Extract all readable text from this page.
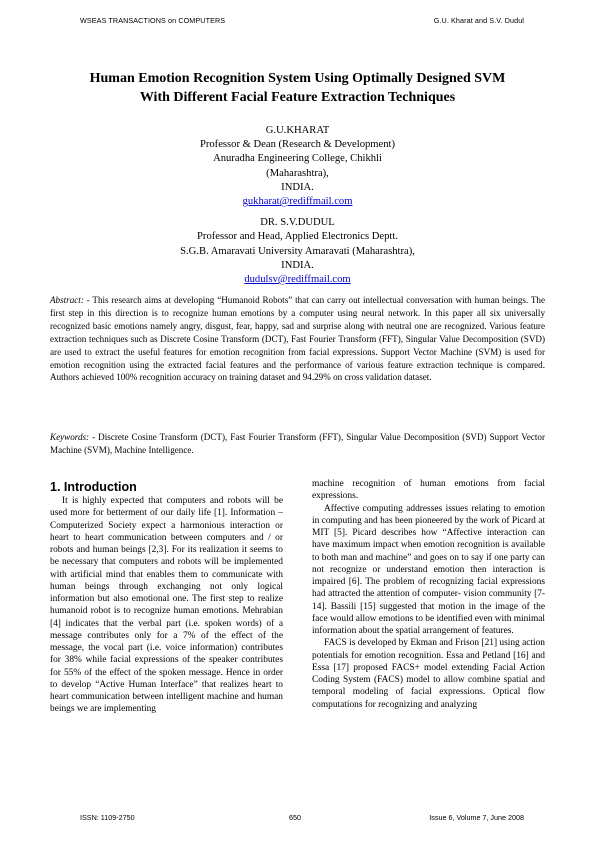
WSEAS TRANSACTIONS on COMPUTERS	G.U. Kharat and S.V. Dudul
Human Emotion Recognition System Using Optimally Designed SVM
With Different Facial Feature Extraction Techniques
G.U.KHARAT
Professor & Dean (Research & Development)
Anuradha Engineering College, Chikhli
(Maharashtra),
INDIA.
gukharat@rediffmail.com
DR. S.V.DUDUL
Professor and Head, Applied Electronics Deptt.
S.G.B. Amaravati University Amaravati (Maharashtra),
INDIA.
dudulsv@rediffmail.com
Abstract: - This research aims at developing “Humanoid Robots” that can carry out intellectual conversation with human beings. The first step in this direction is to recognize human emotions by a computer using neural network. In this paper all six universally recognized basic emotions namely angry, disgust, fear, happy, sad and surprise along with neutral one are recognized. Various feature extraction techniques such as Discrete Cosine Transform (DCT), Fast Fourier Transform (FFT), Singular Value Decomposition (SVD) are used to extract the useful features for emotion recognition from facial expressions. Support Vector Machine (SVM) is used for emotion recognition using the extracted facial features and the performance of various feature extraction technique is compared. Authors achieved 100% recognition accuracy on training dataset and 94.29% on cross validation dataset.
Keywords: - Discrete Cosine Transform (DCT), Fast Fourier Transform (FFT), Singular Value Decomposition (SVD) Support Vector Machine (SVM), Machine Intelligence.
1. Introduction

It is highly expected that computers and robots will be used more for betterment of our daily life [1]. Information – Computerized Society expect a harmonious interaction or heart to heart communication between computers and / or robots and human beings [2,3]. For its realization it seems to be necessary that computers and robots will be implemented with artificial mind that enables them to communicate with human beings through exchanging not only logical information but also emotional one. The first step to realize humanoid robot is to recognize human emotions. Mehrabian [4] indicates that the verbal part (i.e. spoken words) of a message contributes only for a 7% of the effect of the message, the vocal part (i.e. voice information) contributes for 38% while facial expressions of the speaker contributes for 55% of the effect of the spoken message. Hence in order to develop “Active Human Interface” that realizes heart to heart communication between intelligent machine and human beings we are implementing

machine recognition of human emotions from facial expressions.

Affective computing addresses issues relating to emotion in computing and has been pioneered by the work of Picard at MIT [5]. Picard describes how “Affective interaction can have maximum impact when emotion recognition is available to both man and machine” and goes on to say if one party can not recognize or understand emotion then interaction is impaired [6]. The problem of recognizing facial expressions had attracted the attention of computer- vision community [7-14]. Bassili [15] suggested that motion in the image of the face would allow emotions to be identified even with minimal information about the spatial arrangement of features.

FACS is developed by Ekman and Frison [21] using action potentials for emotion recognition. Essa and Petland [16] and Essa [17] proposed FACS+ model extending Facial Action Coding System (FACS) model to allow combine spatial and temporal modeling of facial expressions. Optical flow computations for recognizing and analyzing

ISSN: 1109-2750	650	Issue 6, Volume 7, June 2008
